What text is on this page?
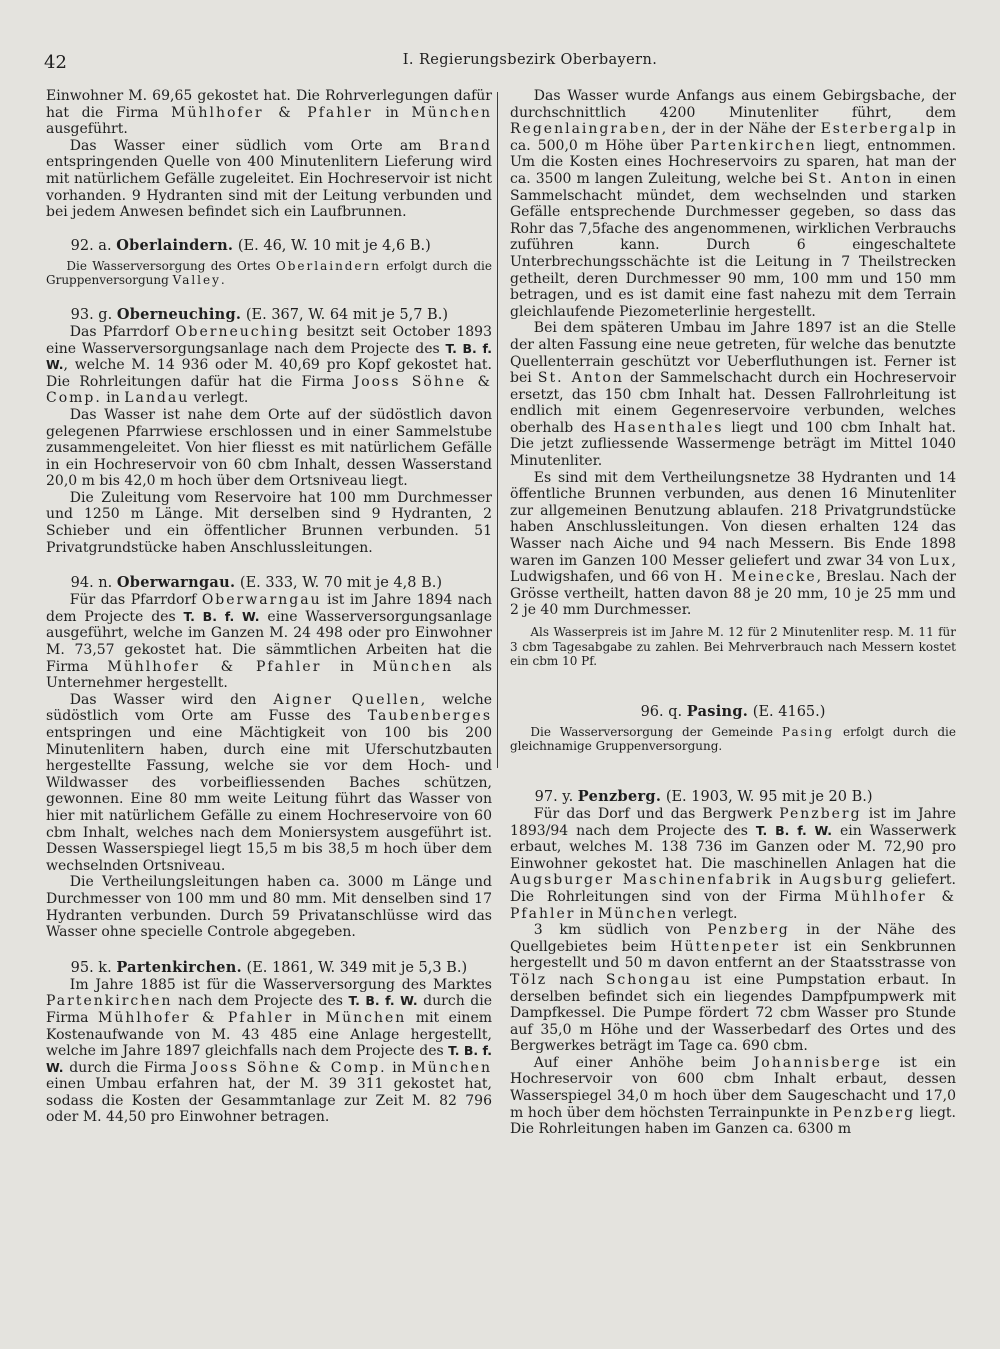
42	I. Regierungsbezirk Oberbayern.

Einwohner M. 69,65 gekostet hat. Die Rohrverlegungen dafür hat die Firma Mühlhofer & Pfahler in München ausgeführt.

Das Wasser einer südlich vom Orte am Brand entspringenden Quelle von 400 Minutenlitern Lieferung wird mit natürlichem Gefälle zugeleitet. Ein Hochreservoir ist nicht vorhanden. 9 Hydranten sind mit der Leitung verbunden und bei jedem Anwesen befindet sich ein Laufbrunnen.

92. a. Oberlaindern. (E. 46, W. 10 mit je 4,6 B.)

Die Wasserversorgung des Ortes Oberlaindern erfolgt durch die Gruppenversorgung Valley.

93. g. Oberneuching. (E. 367, W. 64 mit je 5,7 B.)

Das Pfarrdorf Oberneuching besitzt seit October 1893 eine Wasserversorgungsanlage nach dem Projecte des T. B. f. W., welche M. 14 936 oder M. 40,69 pro Kopf gekostet hat. Die Rohrleitungen dafür hat die Firma Jooss Söhne & Comp. in Landau verlegt.

Das Wasser ist nahe dem Orte auf der südöstlich davon gelegenen Pfarrwiese erschlossen und in einer Sammelstube zusammengeleitet. Von hier fliesst es mit natürlichem Gefälle in ein Hochreservoir von 60 cbm Inhalt, dessen Wasserstand 20,0 m bis 42,0 m hoch über dem Ortsniveau liegt.

Die Zuleitung vom Reservoire hat 100 mm Durchmesser und 1250 m Länge. Mit derselben sind 9 Hydranten, 2 Schieber und ein öffentlicher Brunnen verbunden. 51 Privatgrundstücke haben Anschlussleitungen.

94. n. Oberwarngau. (E. 333, W. 70 mit je 4,8 B.)

Für das Pfarrdorf Oberwarngau ist im Jahre 1894 nach dem Projecte des T. B. f. W. eine Wasserversorgungsanlage ausgeführt, welche im Ganzen M. 24 498 oder pro Einwohner M. 73,57 gekostet hat. Die sämmtlichen Arbeiten hat die Firma Mühlhofer & Pfahler in München als Unternehmer hergestellt.

Das Wasser wird den Aigner Quellen, welche südöstlich vom Orte am Fusse des Taubenberges entspringen und eine Mächtigkeit von 100 bis 200 Minutenlitern haben, durch eine mit Uferschutzbauten hergestellte Fassung, welche sie vor dem Hoch- und Wildwasser des vorbeifliessenden Baches schützen, gewonnen. Eine 80 mm weite Leitung führt das Wasser von hier mit natürlichem Gefälle zu einem Hochreservoire von 60 cbm Inhalt, welches nach dem Moniersystem ausgeführt ist. Dessen Wasserspiegel liegt 15,5 m bis 38,5 m hoch über dem wechselnden Ortsniveau.

Die Vertheilungsleitungen haben ca. 3000 m Länge und Durchmesser von 100 mm und 80 mm. Mit denselben sind 17 Hydranten verbunden. Durch 59 Privatanschlüsse wird das Wasser ohne specielle Controle abgegeben.

95. k. Partenkirchen. (E. 1861, W. 349 mit je 5,3 B.)

Im Jahre 1885 ist für die Wasserversorgung des Marktes Partenkirchen nach dem Projecte des T. B. f. W. durch die Firma Mühlhofer & Pfahler in München mit einem Kostenaufwande von M. 43 485 eine Anlage hergestellt, welche im Jahre 1897 gleichfalls nach dem Projecte des T. B. f. W. durch die Firma Jooss Söhne & Comp. in München einen Umbau erfahren hat, der M. 39 311 gekostet hat, sodass die Kosten der Gesammtanlage zur Zeit M. 82 796 oder M. 44,50 pro Einwohner betragen.

Das Wasser wurde Anfangs aus einem Gebirgsbache, der durchschnittlich 4200 Minutenliter führt, dem Regenlaingraben, der in der Nähe der Esterbergalp in ca. 500,0 m Höhe über Partenkirchen liegt, entnommen. Um die Kosten eines Hochreservoirs zu sparen, hat man der ca. 3500 m langen Zuleitung, welche bei St. Anton in einen Sammelschacht mündet, dem wechselnden und starken Gefälle entsprechende Durchmesser gegeben, so dass das Rohr das 7,5fache des angenommenen, wirklichen Verbrauchs zuführen kann. Durch 6 eingeschaltete Unterbrechungsschächte ist die Leitung in 7 Theilstrecken getheilt, deren Durchmesser 90 mm, 100 mm und 150 mm betragen, und es ist damit eine fast nahezu mit dem Terrain gleichlaufende Piezometerlinie hergestellt.

Bei dem späteren Umbau im Jahre 1897 ist an die Stelle der alten Fassung eine neue getreten, für welche das benutzte Quellenterrain geschützt vor Ueberfluthungen ist. Ferner ist bei St. Anton der Sammelschacht durch ein Hochreservoir ersetzt, das 150 cbm Inhalt hat. Dessen Fallrohrleitung ist endlich mit einem Gegenreservoire verbunden, welches oberhalb des Hasenthales liegt und 100 cbm Inhalt hat. Die jetzt zufliessende Wassermenge beträgt im Mittel 1040 Minutenliter.

Es sind mit dem Vertheilungsnetze 38 Hydranten und 14 öffentliche Brunnen verbunden, aus denen 16 Minutenliter zur allgemeinen Benutzung ablaufen. 218 Privatgrundstücke haben Anschlussleitungen. Von diesen erhalten 124 das Wasser nach Aiche und 94 nach Messern. Bis Ende 1898 waren im Ganzen 100 Messer geliefert und zwar 34 von Lux, Ludwigshafen, und 66 von H. Meinecke, Breslau. Nach der Grösse vertheilt, hatten davon 88 je 20 mm, 10 je 25 mm und 2 je 40 mm Durchmesser.

Als Wasserpreis ist im Jahre M. 12 für 2 Minutenliter resp. M. 11 für 3 cbm Tagesabgabe zu zahlen. Bei Mehrverbrauch nach Messern kostet ein cbm 10 Pf.

96. q. Pasing. (E. 4165.)

Die Wasserversorgung der Gemeinde Pasing erfolgt durch die gleichnamige Gruppenversorgung.

97. y. Penzberg. (E. 1903, W. 95 mit je 20 B.)

Für das Dorf und das Bergwerk Penzberg ist im Jahre 1893/94 nach dem Projecte des T. B. f. W. ein Wasserwerk erbaut, welches M. 138 736 im Ganzen oder M. 72,90 pro Einwohner gekostet hat. Die maschinellen Anlagen hat die Augsburger Maschinenfabrik in Augsburg geliefert. Die Rohrleitungen sind von der Firma Mühlhofer & Pfahler in München verlegt.

3 km südlich von Penzberg in der Nähe des Quellgebietes beim Hüttenpeter ist ein Senkbrunnen hergestellt und 50 m davon entfernt an der Staatsstrasse von Tölz nach Schongau ist eine Pumpstation erbaut. In derselben befindet sich ein liegendes Dampfpumpwerk mit Dampfkessel. Die Pumpe fördert 72 cbm Wasser pro Stunde auf 35,0 m Höhe und der Wasserbedarf des Ortes und des Bergwerkes beträgt im Tage ca. 690 cbm.

Auf einer Anhöhe beim Johannisberge ist ein Hochreservoir von 600 cbm Inhalt erbaut, dessen Wasserspiegel 34,0 m hoch über dem Saugeschacht und 17,0 m hoch über dem höchsten Terrainpunkte in Penzberg liegt. Die Rohrleitungen haben im Ganzen ca. 6300 m
